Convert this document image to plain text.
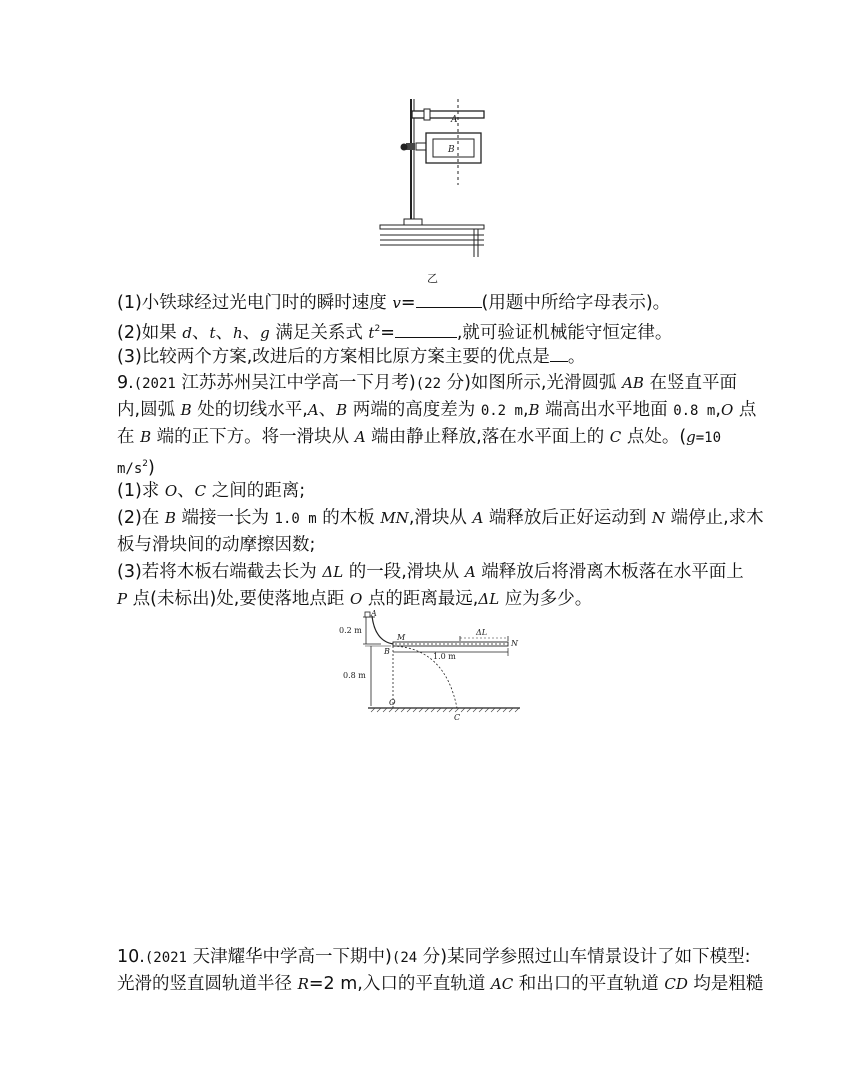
A
B
乙
(1)小铁球经过光电门时的瞬时速度 v=	(用题中所给字母表示)。
(2)如果 d、t、h、g 满足关系式 $t^2=$	,就可验证机械能守恒定律。
(3)比较两个方案,改进后的方案相比原方案主要的优点是 。
9.(2021 江苏苏州吴江中学高一下月考)(22 分)如图所示,光滑圆弧 AB 在竖直平面
内,圆弧 B 处的切线水平,A、B 两端的高度差为 0.2 m,B 端高出水平地面 0.8 m,O 点
在 B 端的正下方。将一滑块从 A 端由静止释放,落在水平面上的 C 点处。(g=10
$m/s^2$)
(1)求 O、C 之间的距离;
(2)在 B 端接一长为 1.0 m 的木板 MN,滑块从 A 端释放后正好运动到 N 端停止,求木
板与滑块间的动摩擦因数;
(3)若将木板右端截去长为 ΔL 的一段,滑块从 A 端释放后将滑离木板落在水平面上
P 点(未标出)处,要使落地点距 O 点的距离最远,ΔL 应为多少。
A
0.2 m
M
ΔL
N
B
1.0 m
0.8 m
O
C
10.(2021 天津耀华中学高一下期中)(24 分)某同学参照过山车情景设计了如下模型:
光滑的竖直圆轨道半径 R=2 m,入口的平直轨道 AC 和出口的平直轨道 CD 均是粗糙
